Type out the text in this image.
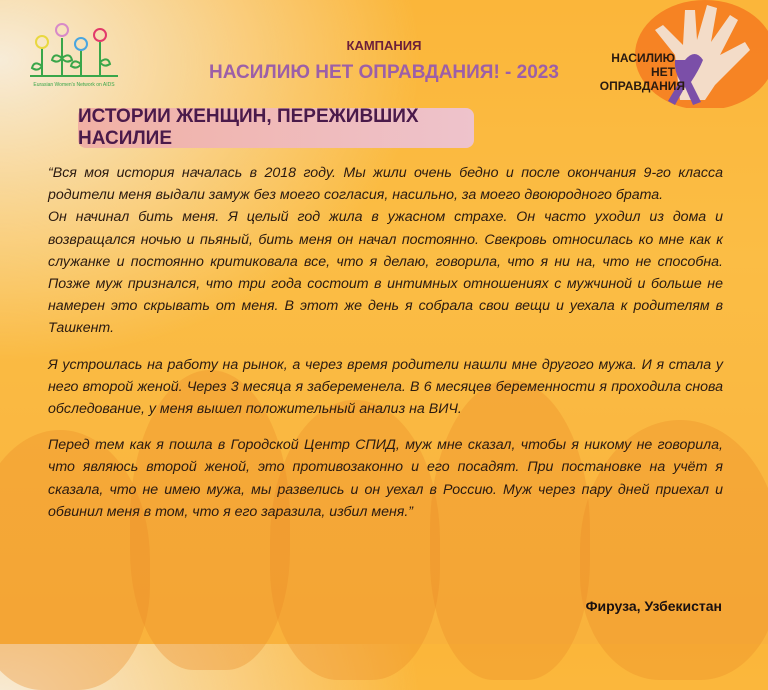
Eurasian Women's Network on AIDS
КАМПАНИЯ
НАСИЛИЮ НЕТ ОПРАВДАНИЯ! - 2023
НАСИЛИЮ
НЕТ
ОПРАВДАНИЯ
ИСТОРИИ ЖЕНЩИН, ПЕРЕЖИВШИХ НАСИЛИЕ

“Вся моя история началась в 2018 году. Мы жили очень бедно и после окончания 9-го класса родители меня выдали замуж без моего согласия, насильно, за моего двоюродного брата.
Он начинал бить меня. Я целый год жила в ужасном страхе. Он часто уходил из дома и возвращался ночью и пьяный, бить меня он начал постоянно. Свекровь относилась ко мне как к служанке и постоянно критиковала все, что я делаю, говорила, что я ни на, что не способна. Позже муж признался, что три года состоит в интимных отношениях с мужчиной и больше не намерен это скрывать от меня. В этот же день я собрала свои вещи и уехала к родителям в Ташкент.

Я устроилась на работу на рынок, а через время родители нашли мне другого мужа. И я стала у него второй женой. Через 3 месяца я забеременела. В 6 месяцев беременности я проходила снова обследование, у меня вышел положительный анализ на ВИЧ.

Перед тем как я пошла в Городской Центр СПИД, муж мне сказал, чтобы я никому не говорила, что являюсь второй женой, это противозаконно и его посадят. При постановке на учёт я сказала, что не имею мужа, мы развелись и он уехал в Россию. Муж через пару дней приехал и обвинил меня в том, что я его заразила, избил меня.”

Фируза, Узбекистан
